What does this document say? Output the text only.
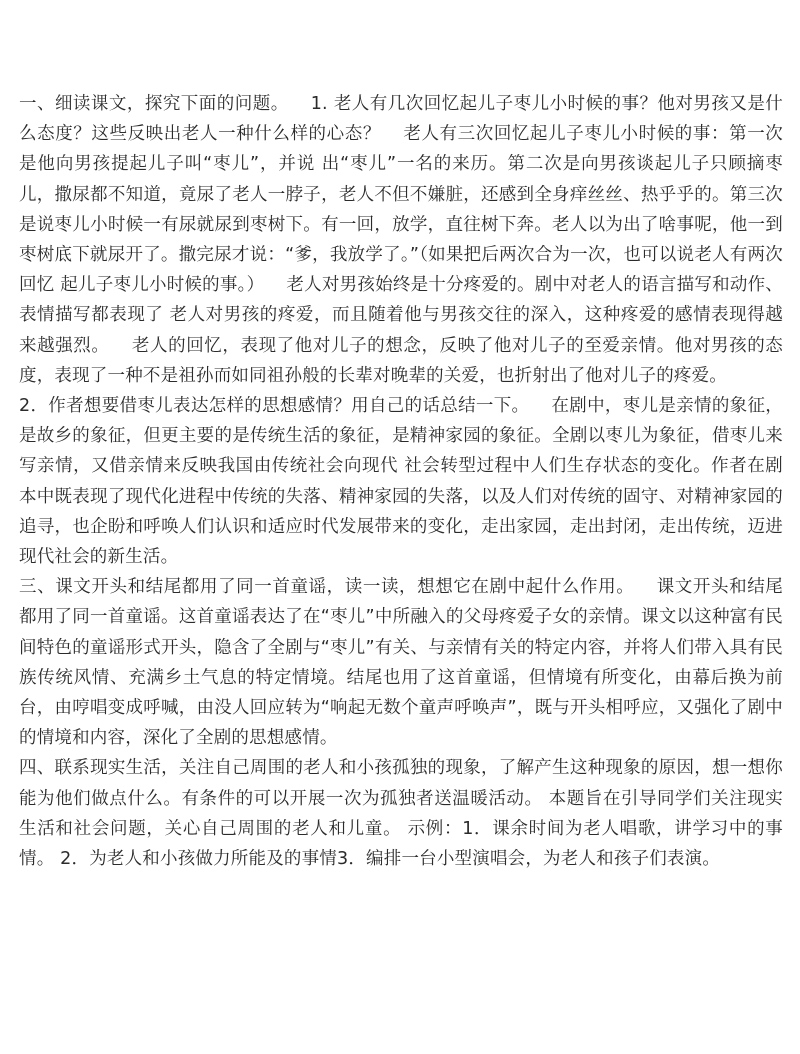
一、细读课文，探究下面的问题。 1. 老人有几次回忆起儿子枣儿小时候的事？他对男孩又是什么态度？这些反映出老人一种什么样的心态？ 老人有三次回忆起儿子枣儿小时候的事：第一次是他向男孩提起儿子叫“枣儿”，并说 出“枣儿”一名的来历。第二次是向男孩谈起儿子只顾摘枣儿，撒尿都不知道，竟尿了老人一脖子，老人不但不嫌脏，还感到全身痒丝丝、热乎乎的。第三次是说枣儿小时候一有尿就尿到枣树下。有一回，放学，直往树下奔。老人以为出了啥事呢，他一到枣树底下就尿开了。撒完尿才说：“爹，我放学了。”（如果把后两次合为一次，也可以说老人有两次回忆 起儿子枣儿小时候的事。） 老人对男孩始终是十分疼爱的。剧中对老人的语言描写和动作、表情描写都表现了 老人对男孩的疼爱，而且随着他与男孩交往的深入，这种疼爱的感情表现得越来越强烈。 老人的回忆，表现了他对儿子的想念，反映了他对儿子的至爱亲情。他对男孩的态度，表现了一种不是祖孙而如同祖孙般的长辈对晚辈的关爱，也折射出了他对儿子的疼爱。

2．作者想要借枣儿表达怎样的思想感情？用自己的话总结一下。 在剧中，枣儿是亲情的象征，是故乡的象征，但更主要的是传统生活的象征，是精神家园的象征。全剧以枣儿为象征，借枣儿来写亲情，又借亲情来反映我国由传统社会向现代 社会转型过程中人们生存状态的变化。作者在剧本中既表现了现代化进程中传统的失落、精神家园的失落，以及人们对传统的固守、对精神家园的追寻，也企盼和呼唤人们认识和适应时代发展带来的变化，走出家园，走出封闭，走出传统，迈进现代社会的新生活。

三、课文开头和结尾都用了同一首童谣，读一读，想想它在剧中起什么作用。 课文开头和结尾都用了同一首童谣。这首童谣表达了在“枣儿”中所融入的父母疼爱子女的亲情。课文以这种富有民间特色的童谣形式开头，隐含了全剧与“枣儿”有关、与亲情有关的特定内容，并将人们带入具有民族传统风情、充满乡土气息的特定情境。结尾也用了这首童谣，但情境有所变化，由幕后换为前台，由哼唱变成呼喊，由没人回应转为“响起无数个童声呼唤声”，既与开头相呼应，又强化了剧中的情境和内容，深化了全剧的思想感情。

四、联系现实生活，关注自己周围的老人和小孩孤独的现象，了解产生这种现象的原因，想一想你能为他们做点什么。有条件的可以开展一次为孤独者送温暖活动。 本题旨在引导同学们关注现实生活和社会问题，关心自己周围的老人和儿童。 示例：1．课余时间为老人唱歌，讲学习中的事情。 2．为老人和小孩做力所能及的事情3．编排一台小型演唱会，为老人和孩子们表演。
